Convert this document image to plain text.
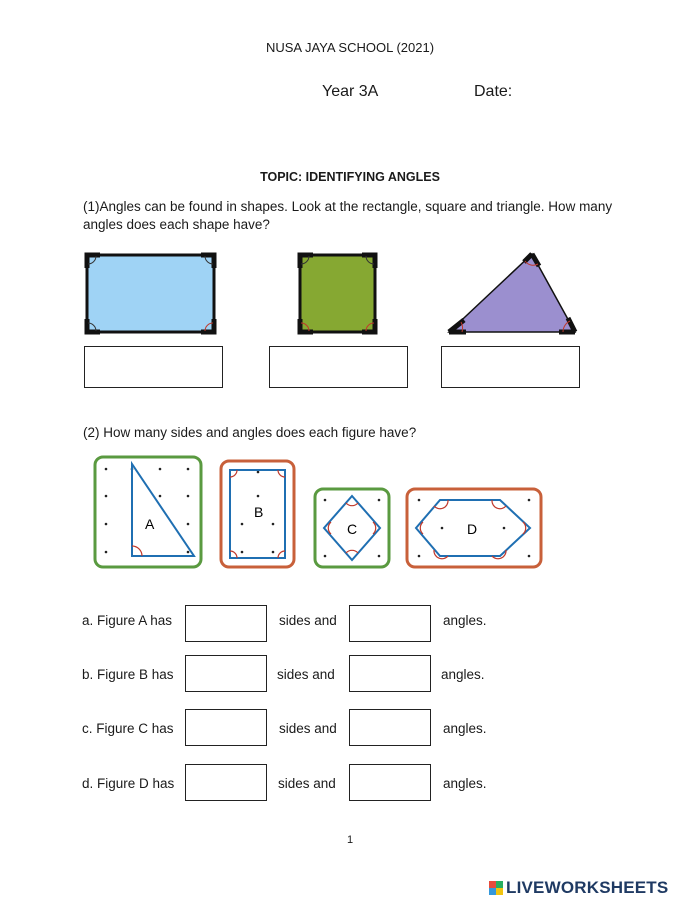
NUSA JAYA SCHOOL (2021)
Year 3A	Date:
TOPIC: IDENTIFYING ANGLES
(1)Angles can be found in shapes. Look at the rectangle, square and triangle. How many angles does each shape have?
(2) How many sides and angles does each figure have?
A
B
C	D
a. Figure A has	sides and	angles.
b. Figure B has	sides and	angles.
c. Figure C has	sides and	angles.
d. Figure D has	sides and	angles.
1
LIVEWORKSHEETS
